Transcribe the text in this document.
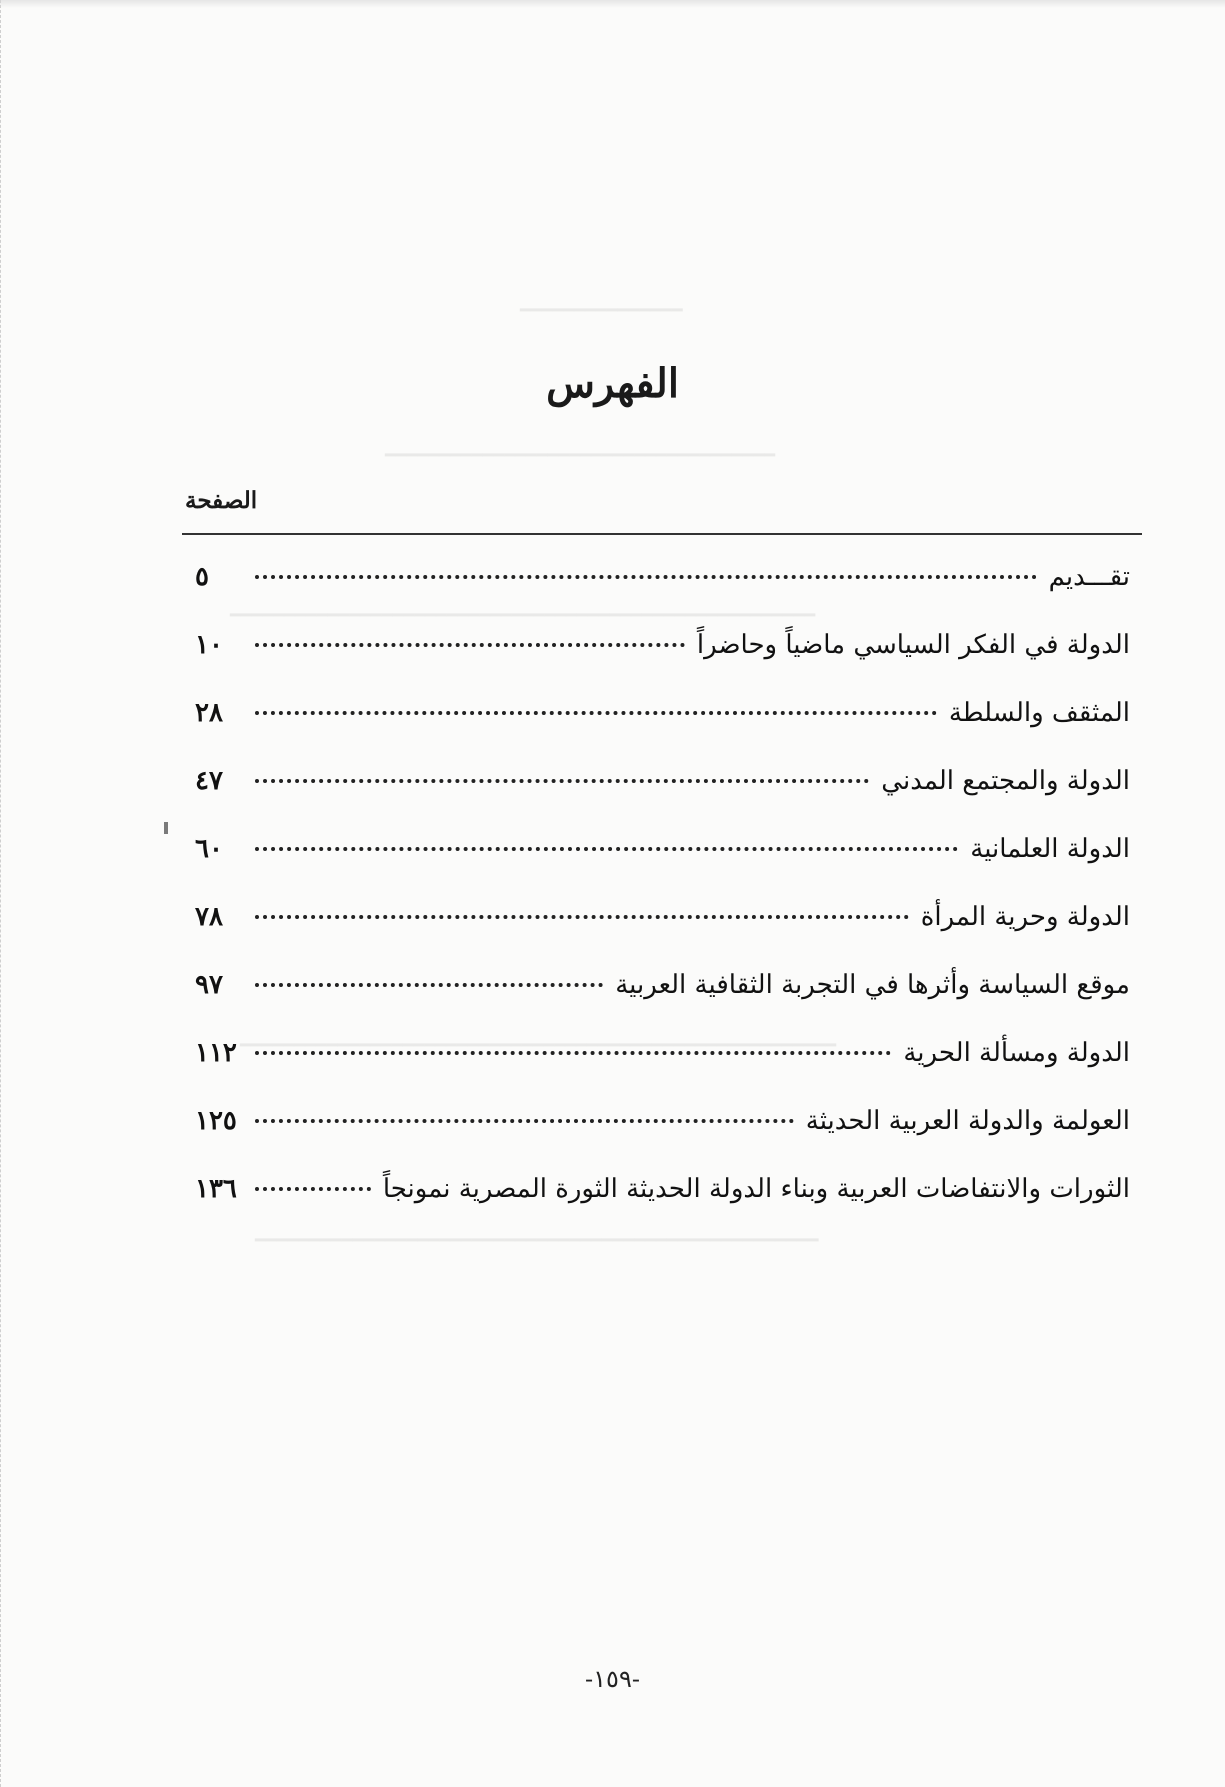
━━━━━━━━━━━━━━━
━━━━━━━━━━━━━━━━━━━━━━━━━━━━━━━━━━━━
━━━━━━━━━━━━━━━━━━━━━━━━━━━━━━━━━━━━━━━━━━━━━━━━━━━━━━
━━━━━━━━━━━━━━━━━━━━━━━━━━━━━━━━━━━━━━━━━━━━━━━━━━━━━━━
━━━━━━━━━━━━━━━━━━━━━━━━━━━━━━━━━━━━━━━━━━━━━━━━━━━━
الفهرس
الصفحة
تقـــديم
٥
الدولة في الفكر السياسي ماضياً وحاضراً
١٠
المثقف والسلطة
٢٨
الدولة والمجتمع المدني
٤٧
الدولة العلمانية
٦٠
الدولة وحرية المرأة
٧٨
موقع السياسة وأثرها في التجربة الثقافية العربية
٩٧
الدولة ومسألة الحرية
١١٢
العولمة والدولة العربية الحديثة
١٢٥
الثورات والانتفاضات العربية وبناء الدولة الحديثة الثورة المصرية نمونجاً
١٣٦
-١٥٩-
